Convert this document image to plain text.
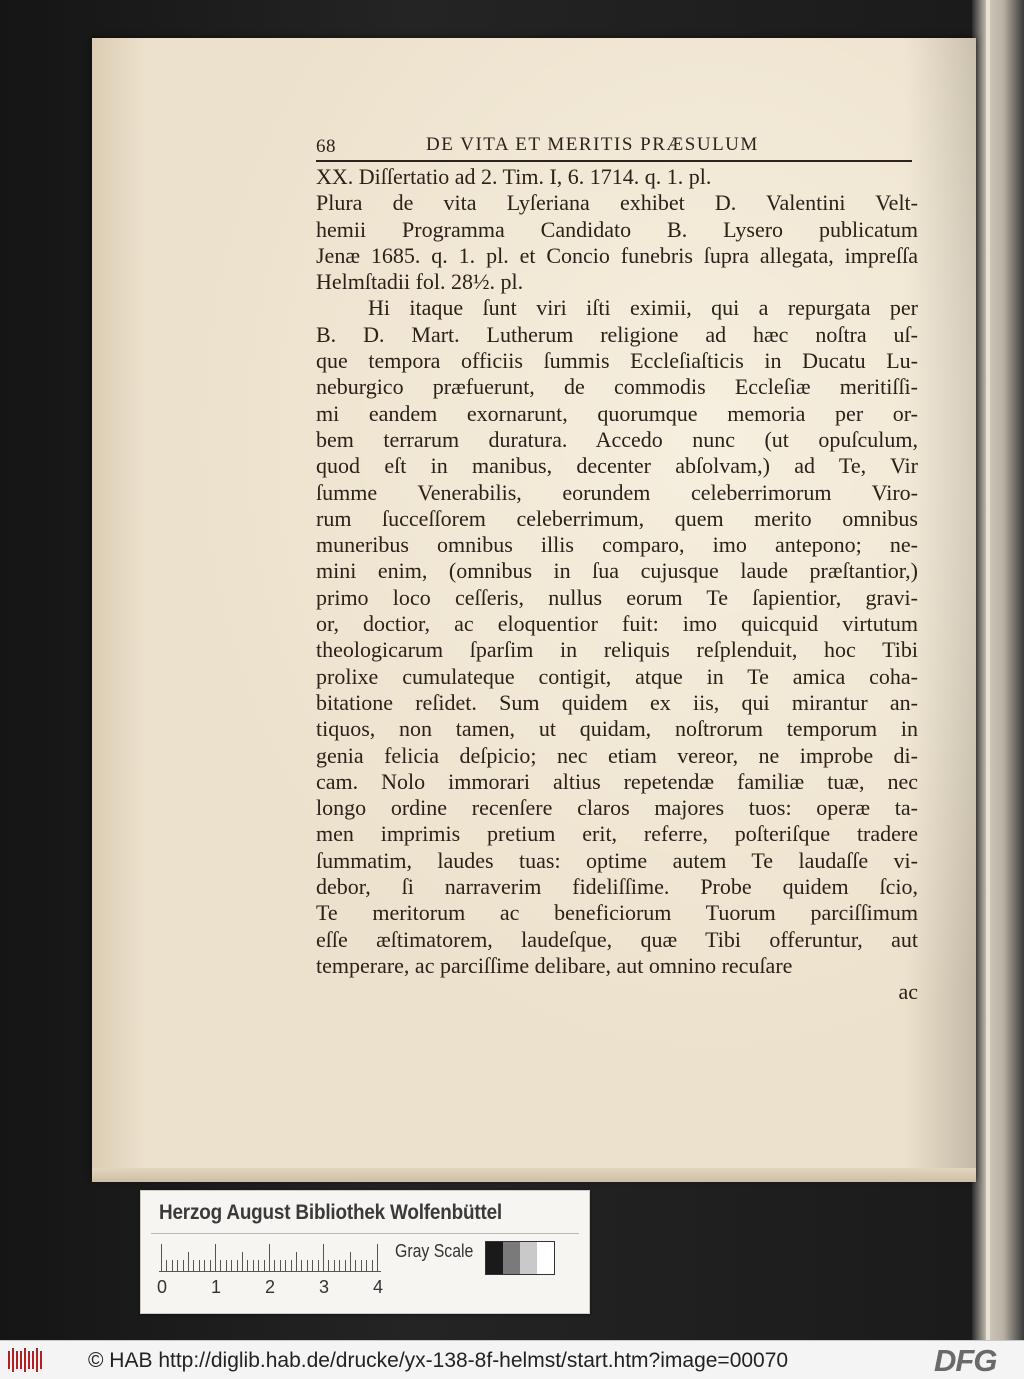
68	DE VITA ET MERITIS PRÆSULUM
XX. Diſſertatio ad 2. Tim. I, 6. 1714. q. 1. pl.
Plura de vita Lyſeriana exhibet D. Valentini Velt-
hemii Programma Candidato B. Lysero publicatum
Jenæ 1685. q. 1. pl. et Concio funebris ſupra allegata, impreſſa
Helmſtadii fol. 28½. pl.
Hi itaque ſunt viri iſti eximii, qui a repurgata per
B. D. Mart. Lutherum religione ad hæc noſtra uſ-
que tempora officiis ſummis Eccleſiaſticis in Ducatu Lu-
neburgico præfuerunt, de commodis Eccleſiæ meritiſſi-
mi eandem exornarunt, quorumque memoria per or-
bem terrarum duratura. Accedo nunc (ut opuſculum,
quod eſt in manibus, decenter abſolvam,) ad Te, Vir
ſumme Venerabilis, eorundem celeberrimorum Viro-
rum ſucceſſorem celeberrimum, quem merito omnibus
muneribus omnibus illis comparo, imo antepono; ne-
mini enim, (omnibus in ſua cujusque laude præſtantior,)
primo loco ceſſeris, nullus eorum Te ſapientior, gravi-
or, doctior, ac eloquentior fuit: imo quicquid virtutum
theologicarum ſparſim in reliquis reſplenduit, hoc Tibi
prolixe cumulateque contigit, atque in Te amica coha-
bitatione reſidet. Sum quidem ex iis, qui mirantur an-
tiquos, non tamen, ut quidam, noſtrorum temporum in
genia felicia deſpicio; nec etiam vereor, ne improbe di-
cam. Nolo immorari altius repetendæ familiæ tuæ, nec
longo ordine recenſere claros majores tuos: operæ ta-
men imprimis pretium erit, referre, poſteriſque tradere
ſummatim, laudes tuas: optime autem Te laudaſſe vi-
debor, ſi narraverim fideliſſime. Probe quidem ſcio,
Te meritorum ac beneficiorum Tuorum parciſſimum
eſſe æſtimatorem, laudeſque, quæ Tibi offeruntur, aut
temperare, ac parciſſime delibare, aut omnino recuſare
ac
Herzog August Bibliothek Wolfenbüttel
0 1 2 3 4
Gray Scale
© HAB http://diglib.hab.de/drucke/yx-138-8f-helmst/start.htm?image=00070	DFG
